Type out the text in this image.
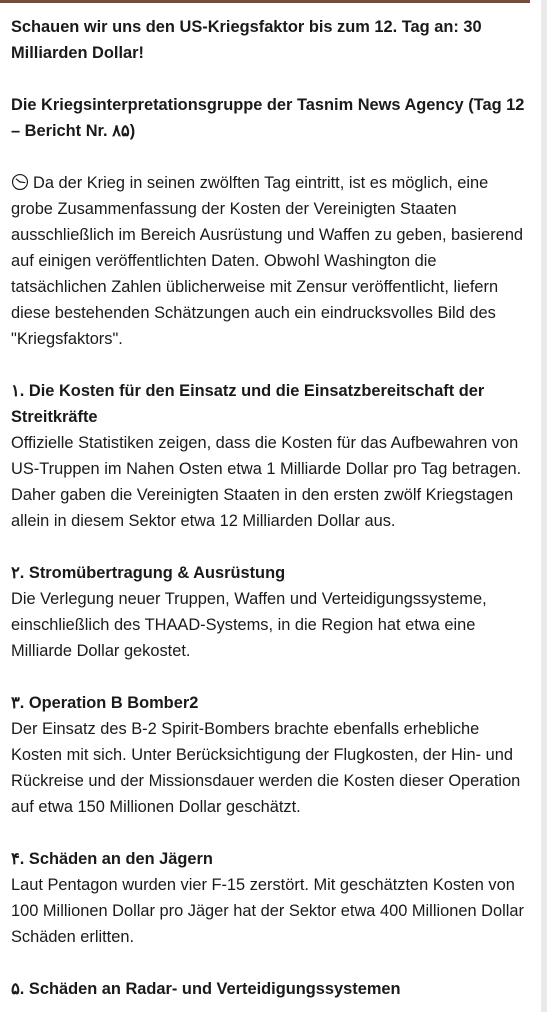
Schauen wir uns den US-Kriegsfaktor bis zum 12. Tag an: 30 Milliarden Dollar!

Die Kriegsinterpretationsgruppe der Tasnim News Agency (Tag 12 – Bericht Nr. ۸۵)

Da der Krieg in seinen zwölften Tag eintritt, ist es möglich, eine grobe Zusammenfassung der Kosten der Vereinigten Staaten ausschließlich im Bereich Ausrüstung und Waffen zu geben, basierend auf einigen veröffentlichten Daten. Obwohl Washington die tatsächlichen Zahlen üblicherweise mit Zensur veröffentlicht, liefern diese bestehenden Schätzungen auch ein eindrucksvolles Bild des "Kriegsfaktors".

۱. Die Kosten für den Einsatz und die Einsatzbereitschaft der Streitkräfte
Offizielle Statistiken zeigen, dass die Kosten für das Aufbewahren von US-Truppen im Nahen Osten etwa 1 Milliarde Dollar pro Tag betragen. Daher gaben die Vereinigten Staaten in den ersten zwölf Kriegstagen allein in diesem Sektor etwa 12 Milliarden Dollar aus.

۲. Stromübertragung & Ausrüstung
Die Verlegung neuer Truppen, Waffen und Verteidigungssysteme, einschließlich des THAAD-Systems, in die Region hat etwa eine Milliarde Dollar gekostet.

۳. Operation B Bomber2
Der Einsatz des B-2 Spirit-Bombers brachte ebenfalls erhebliche Kosten mit sich. Unter Berücksichtigung der Flugkosten, der Hin- und Rückreise und der Missionsdauer werden die Kosten dieser Operation auf etwa 150 Millionen Dollar geschätzt.

۴. Schäden an den Jägern
Laut Pentagon wurden vier F-15 zerstört. Mit geschätzten Kosten von 100 Millionen Dollar pro Jäger hat der Sektor etwa 400 Millionen Dollar Schäden erlitten.

۵. Schäden an Radar- und Verteidigungssystemen
